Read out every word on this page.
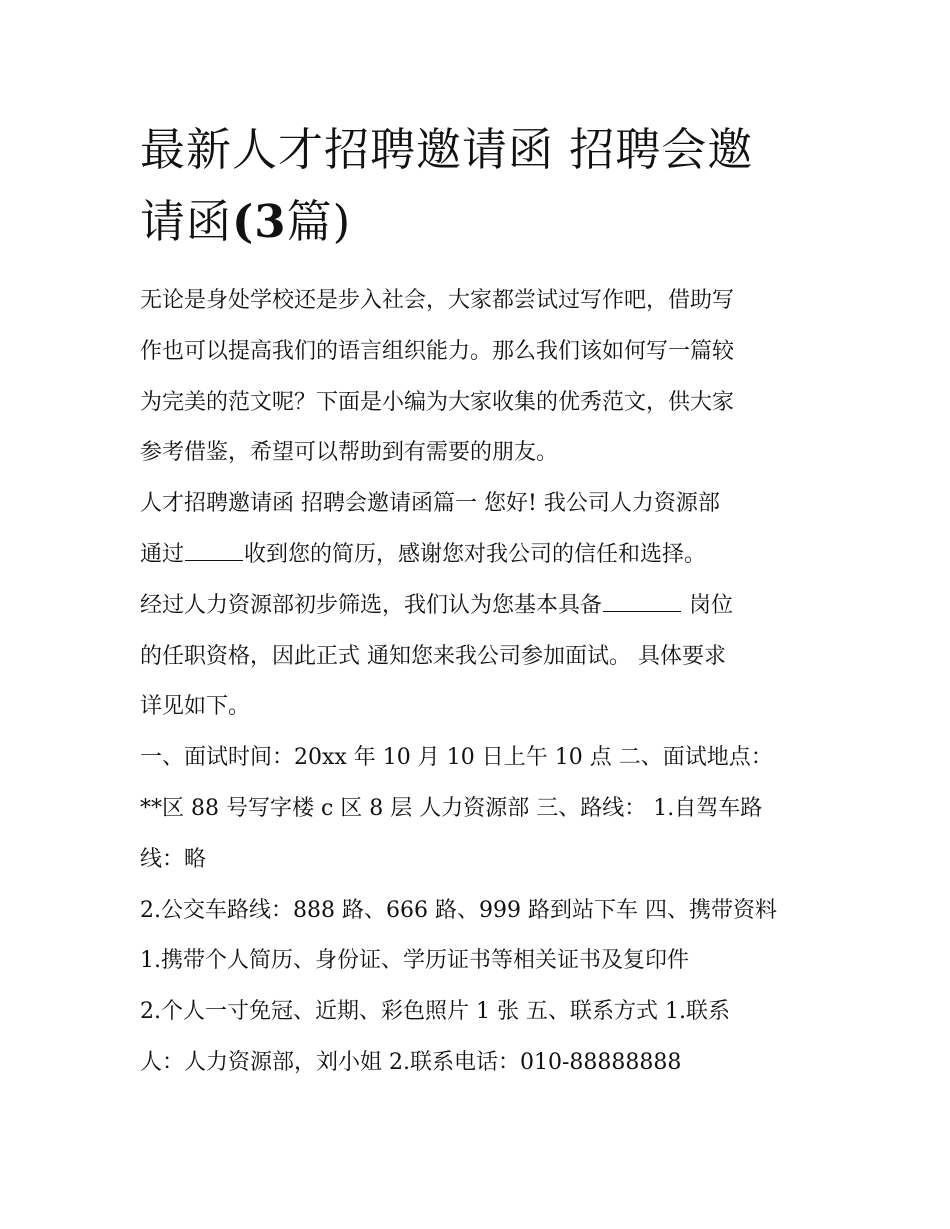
最新人才招聘邀请函 招聘会邀
请函(3篇)
无论是身处学校还是步入社会，大家都尝试过写作吧，借助写
作也可以提高我们的语言组织能力。那么我们该如何写一篇较
为完美的范文呢？下面是小编为大家收集的优秀范文，供大家
参考借鉴，希望可以帮助到有需要的朋友。
人才招聘邀请函 招聘会邀请函篇一 您好! 我公司人力资源部
通过	收到您的简历，感谢您对我公司的信任和选择。
经过人力资源部初步筛选，我们认为您基本具备	岗位
的任职资格，因此正式 通知您来我公司参加面试。 具体要求
详见如下。
一、面试时间：20xx 年 10 月 10 日上午 10 点 二、面试地点：
**区 88 号写字楼 c 区 8 层 人力资源部 三、路线： 1.自驾车路
线：略
2.公交车路线：888 路、666 路、999 路到站下车 四、携带资料
1.携带个人简历、身份证、学历证书等相关证书及复印件
2.个人一寸免冠、近期、彩色照片 1 张 五、联系方式 1.联系
人：人力资源部，刘小姐 2.联系电话：010-88888888
